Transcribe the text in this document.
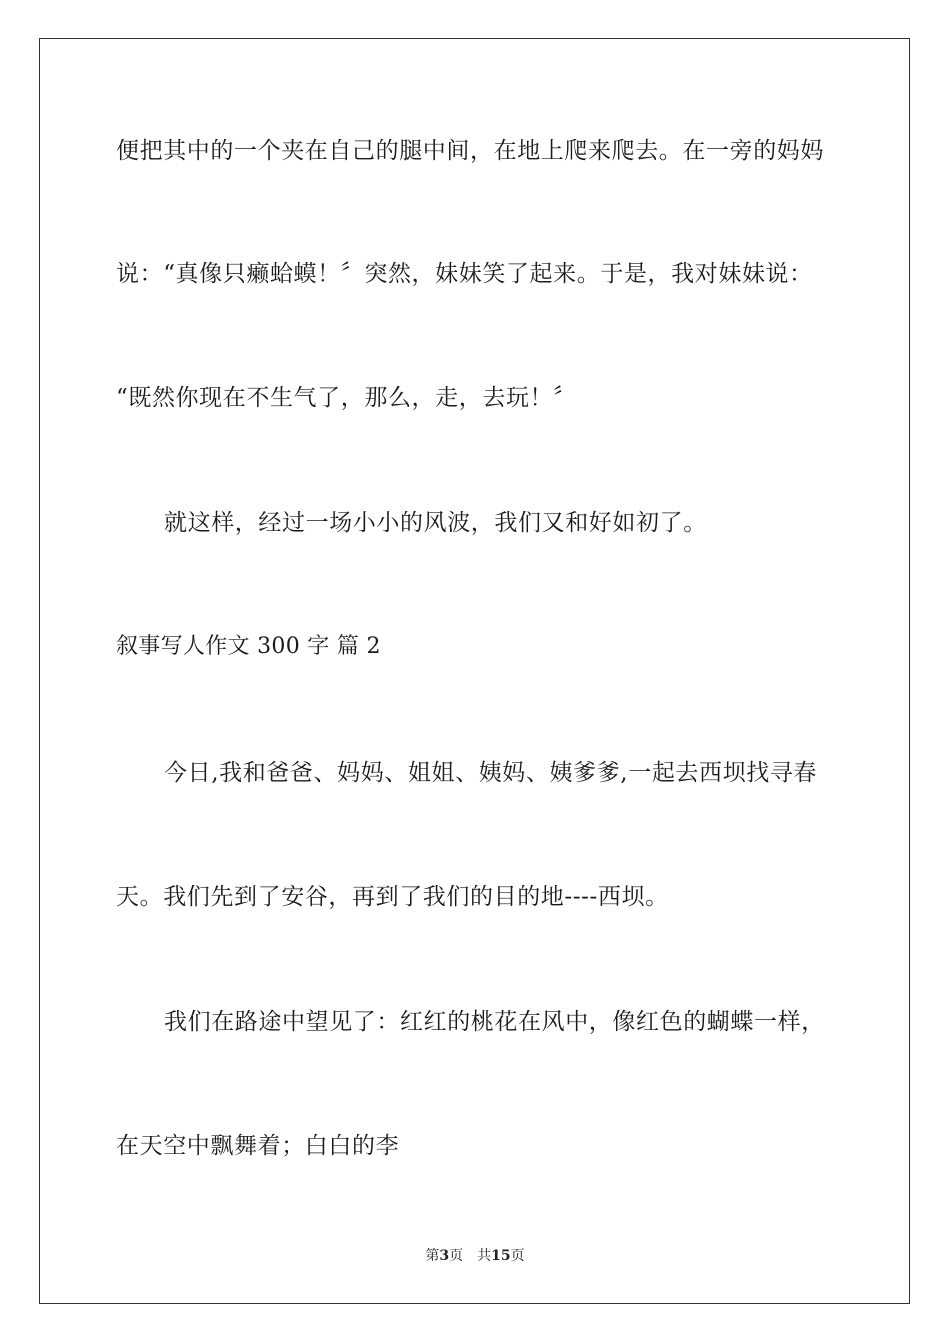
便把其中的一个夹在自己的腿中间，在地上爬来爬去。在一旁的妈妈
说：“真像只癞蛤蟆！〞突然，妹妹笑了起来。于是，我对妹妹说：
“既然你现在不生气了，那么，走，去玩！〞
就这样，经过一场小小的风波，我们又和好如初了。
叙事写人作文 300 字 篇 2
今日,我和爸爸、妈妈、姐姐、姨妈、姨爹爹,一起去西坝找寻春
天。我们先到了安谷，再到了我们的目的地----西坝。
我们在路途中望见了：红红的桃花在风中，像红色的蝴蝶一样，
在天空中飘舞着；白白的李
第3页 共15页
